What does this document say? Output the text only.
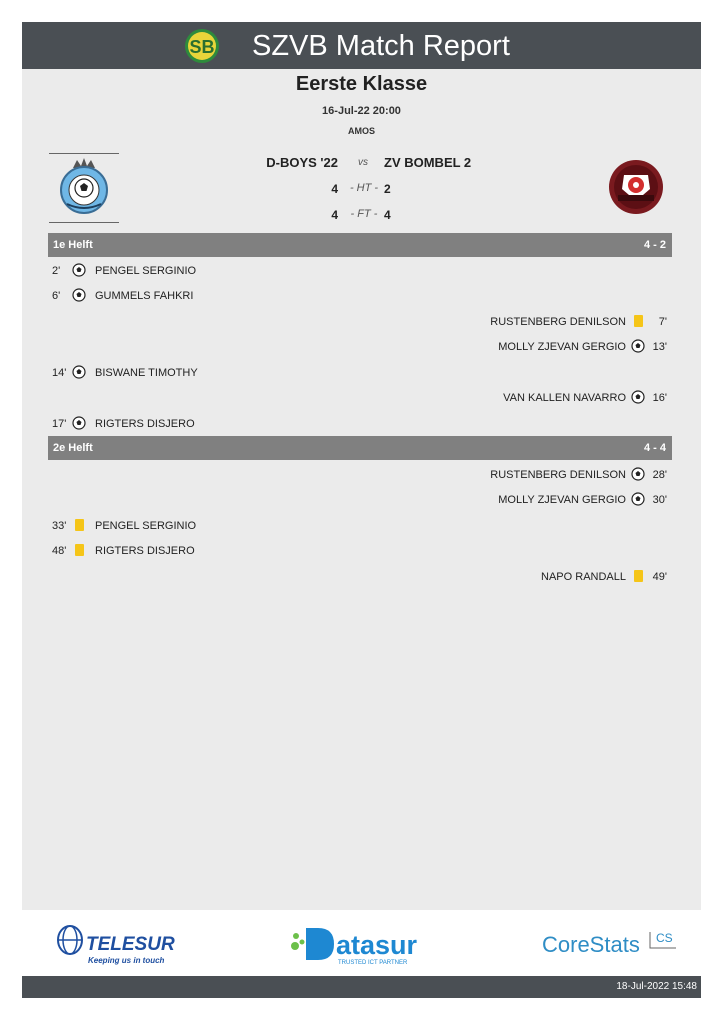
SB SZVB Match Report
Eerste Klasse
16-Jul-22 20:00
AMOS
D-BOYS '22	vs	ZV BOMBEL 2
4	- HT - 2
4	- FT - 4
1e Helft	4 - 2
2'	PENGEL SERGINIO
6'	GUMMELS FAHKRI
RUSTENBERG DENILSON	7'
MOLLY ZJEVAN GERGIO 13'
14'	BISWANE TIMOTHY
VAN KALLEN NAVARRO 16'
17'	RIGTERS DISJERO
2e Helft	4 - 4
RUSTENBERG DENILSON 28'
MOLLY ZJEVAN GERGIO 30'
33'	PENGEL SERGINIO
48'	RIGTERS DISJERO
NAPO RANDALL 49'
TELESUR
Keeping us in touch
atasur
TRUSTED ICT PARTNER
CoreStats CS
18-Jul-2022 15:48
